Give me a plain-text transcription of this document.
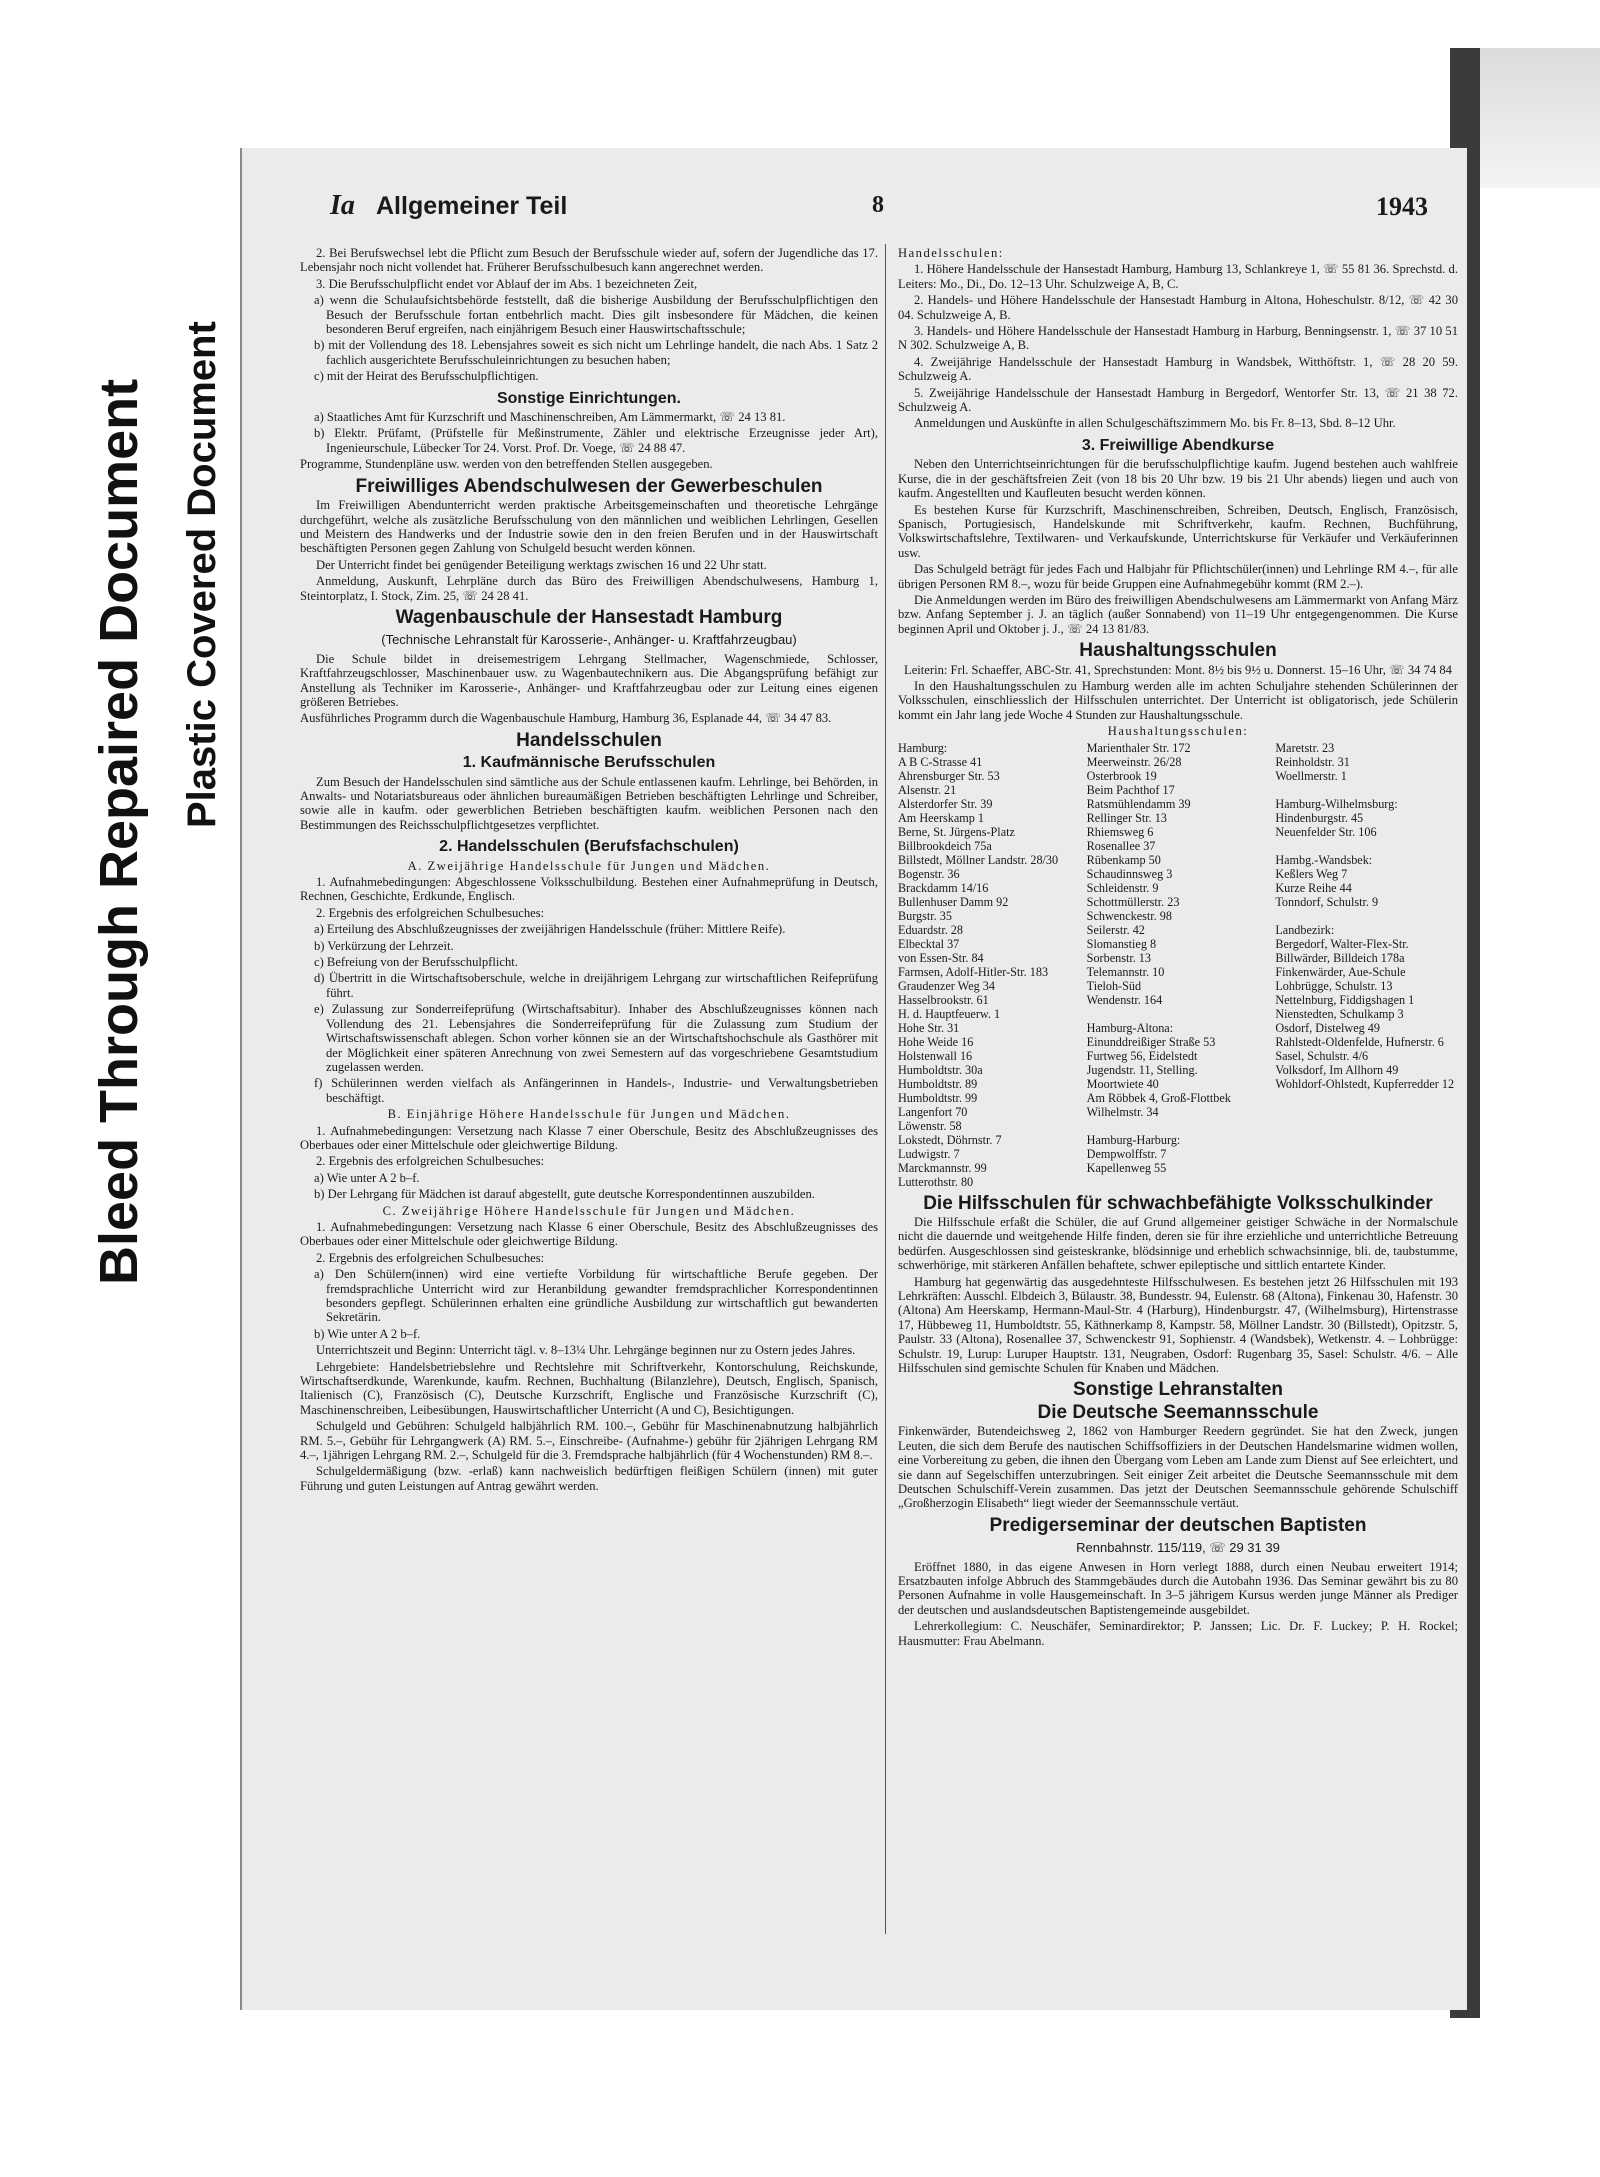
Bleed Through Repaired Document Plastic Covered Document
Ia Allgemeiner Teil	8	1943

2. Bei Berufswechsel lebt die Pflicht zum Besuch der Berufsschule wieder auf, sofern der Jugendliche das 17. Lebensjahr noch nicht vollendet hat. Früherer Berufsschulbesuch kann angerechnet werden.

3. Die Berufsschulpflicht endet vor Ablauf der im Abs. 1 bezeichneten Zeit,

a) wenn die Schulaufsichtsbehörde feststellt, daß die bisherige Ausbildung der Berufsschulpflichtigen den Besuch der Berufsschule fortan entbehrlich macht. Dies gilt insbesondere für Mädchen, die keinen besonderen Beruf ergreifen, nach einjährigem Besuch einer Hauswirtschaftsschule;

b) mit der Vollendung des 18. Lebensjahres soweit es sich nicht um Lehrlinge handelt, die nach Abs. 1 Satz 2 fachlich ausgerichtete Berufsschuleinrichtungen zu besuchen haben;

c) mit der Heirat des Berufsschulpflichtigen.

Sonstige Einrichtungen.

a) Staatliches Amt für Kurzschrift und Maschinenschreiben, Am Lämmermarkt, ☏ 24 13 81.

b) Elektr. Prüfamt, (Prüfstelle für Meßinstrumente, Zähler und elektrische Erzeugnisse jeder Art), Ingenieurschule, Lübecker Tor 24. Vorst. Prof. Dr. Voege, ☏ 24 88 47.

Programme, Stundenpläne usw. werden von den betreffenden Stellen ausgegeben.

Freiwilliges Abendschulwesen der Gewerbeschulen

Im Freiwilligen Abendunterricht werden praktische Arbeitsgemeinschaften und theoretische Lehrgänge durchgeführt, welche als zusätzliche Berufsschulung von den männlichen und weiblichen Lehrlingen, Gesellen und Meistern des Handwerks und der Industrie sowie den in den freien Berufen und in der Hauswirtschaft beschäftigten Personen gegen Zahlung von Schulgeld besucht werden können.

Der Unterricht findet bei genügender Beteiligung werktags zwischen 16 und 22 Uhr statt.

Anmeldung, Auskunft, Lehrpläne durch das Büro des Freiwilligen Abendschulwesens, Hamburg 1, Steintorplatz, I. Stock, Zim. 25, ☏ 24 28 41.

Wagenbauschule der Hansestadt Hamburg
(Technische Lehranstalt für Karosserie-, Anhänger- u. Kraftfahrzeugbau)

Die Schule bildet in dreisemestrigem Lehrgang Stellmacher, Wagenschmiede, Schlosser, Kraftfahrzeugschlosser, Maschinenbauer usw. zu Wagenbautechnikern aus. Die Abgangsprüfung befähigt zur Anstellung als Techniker im Karosserie-, Anhänger- und Kraftfahrzeugbau oder zur Leitung eines eigenen größeren Betriebes.

Ausführliches Programm durch die Wagenbauschule Hamburg, Hamburg 36, Esplanade 44, ☏ 34 47 83.

Handelsschulen
1. Kaufmännische Berufsschulen

Zum Besuch der Handelsschulen sind sämtliche aus der Schule entlassenen kaufm. Lehrlinge, bei Behörden, in Anwalts- und Notariatsbureaus oder ähnlichen bureaumäßigen Betrieben beschäftigten Lehrlinge und Schreiber, sowie alle in kaufm. oder gewerblichen Betrieben beschäftigten kaufm. weiblichen Personen nach den Bestimmungen des Reichsschulpflichtgesetzes verpflichtet.

2. Handelsschulen (Berufsfachschulen)

A. Zweijährige Handelsschule für Jungen und Mädchen.

1. Aufnahmebedingungen: Abgeschlossene Volksschulbildung. Bestehen einer Aufnahmeprüfung in Deutsch, Rechnen, Geschichte, Erdkunde, Englisch.

2. Ergebnis des erfolgreichen Schulbesuches:

a) Erteilung des Abschlußzeugnisses der zweijährigen Handelsschule (früher: Mittlere Reife).

b) Verkürzung der Lehrzeit.

c) Befreiung von der Berufsschulpflicht.

d) Übertritt in die Wirtschaftsoberschule, welche in dreijährigem Lehrgang zur wirtschaftlichen Reifeprüfung führt.

e) Zulassung zur Sonderreifeprüfung (Wirtschaftsabitur). Inhaber des Abschlußzeugnisses können nach Vollendung des 21. Lebensjahres die Sonderreifeprüfung für die Zulassung zum Studium der Wirtschaftswissenschaft ablegen. Schon vorher können sie an der Wirtschaftshochschule als Gasthörer mit der Möglichkeit einer späteren Anrechnung von zwei Semestern auf das vorgeschriebene Gesamtstudium zugelassen werden.

f) Schülerinnen werden vielfach als Anfängerinnen in Handels-, Industrie- und Verwaltungsbetrieben beschäftigt.

B. Einjährige Höhere Handelsschule für Jungen und Mädchen.

1. Aufnahmebedingungen: Versetzung nach Klasse 7 einer Oberschule, Besitz des Abschlußzeugnisses des Oberbaues oder einer Mittelschule oder gleichwertige Bildung.

2. Ergebnis des erfolgreichen Schulbesuches:

a) Wie unter A 2 b–f.

b) Der Lehrgang für Mädchen ist darauf abgestellt, gute deutsche Korrespondentinnen auszubilden.

C. Zweijährige Höhere Handelsschule für Jungen und Mädchen.

1. Aufnahmebedingungen: Versetzung nach Klasse 6 einer Oberschule, Besitz des Abschlußzeugnisses des Oberbaues oder einer Mittelschule oder gleichwertige Bildung.

2. Ergebnis des erfolgreichen Schulbesuches:

a) Den Schülern(innen) wird eine vertiefte Vorbildung für wirtschaftliche Berufe gegeben. Der fremdsprachliche Unterricht wird zur Heranbildung gewandter fremdsprachlicher Korrespondentinnen besonders gepflegt. Schülerinnen erhalten eine gründliche Ausbildung zur wirtschaftlich gut bewanderten Sekretärin.

b) Wie unter A 2 b–f.

Unterrichtszeit und Beginn: Unterricht tägl. v. 8–13¼ Uhr. Lehrgänge beginnen nur zu Ostern jedes Jahres.

Lehrgebiete: Handelsbetriebslehre und Rechtslehre mit Schriftverkehr, Kontorschulung, Reichskunde, Wirtschaftserdkunde, Warenkunde, kaufm. Rechnen, Buchhaltung (Bilanzlehre), Deutsch, Englisch, Spanisch, Italienisch (C), Französisch (C), Deutsche Kurzschrift, Englische und Französische Kurzschrift (C), Maschinenschreiben, Leibesübungen, Hauswirtschaftlicher Unterricht (A und C), Besichtigungen.

Schulgeld und Gebühren: Schulgeld halbjährlich RM. 100.–, Gebühr für Maschinenabnutzung halbjährlich RM. 5.–, Gebühr für Lehrgangwerk (A) RM. 5.–, Einschreibe- (Aufnahme-) gebühr für 2jährigen Lehrgang RM 4.–, 1jährigen Lehrgang RM. 2.–, Schulgeld für die 3. Fremdsprache halbjährlich (für 4 Wochenstunden) RM 8.–.

Schulgeldermäßigung (bzw. -erlaß) kann nachweislich bedürftigen fleißigen Schülern (innen) mit guter Führung und guten Leistungen auf Antrag gewährt werden.

Handelsschulen:

1. Höhere Handelsschule der Hansestadt Hamburg, Hamburg 13, Schlankreye 1, ☏ 55 81 36. Sprechstd. d. Leiters: Mo., Di., Do. 12–13 Uhr. Schulzweige A, B, C.

2. Handels- und Höhere Handelsschule der Hansestadt Hamburg in Altona, Hoheschulstr. 8/12, ☏ 42 30 04. Schulzweige A, B.

3. Handels- und Höhere Handelsschule der Hansestadt Hamburg in Harburg, Benningsenstr. 1, ☏ 37 10 51 N 302. Schulzweige A, B.

4. Zweijährige Handelsschule der Hansestadt Hamburg in Wandsbek, Witthöftstr. 1, ☏ 28 20 59. Schulzweig A.

5. Zweijährige Handelsschule der Hansestadt Hamburg in Bergedorf, Wentorfer Str. 13, ☏ 21 38 72. Schulzweig A.

Anmeldungen und Auskünfte in allen Schulgeschäftszimmern Mo. bis Fr. 8–13, Sbd. 8–12 Uhr.

3. Freiwillige Abendkurse

Neben den Unterrichtseinrichtungen für die berufsschulpflichtige kaufm. Jugend bestehen auch wahlfreie Kurse, die in der geschäftsfreien Zeit (von 18 bis 20 Uhr bzw. 19 bis 21 Uhr abends) liegen und auch von kaufm. Angestellten und Kaufleuten besucht werden können.

Es bestehen Kurse für Kurzschrift, Maschinenschreiben, Schreiben, Deutsch, Englisch, Französisch, Spanisch, Portugiesisch, Handelskunde mit Schriftverkehr, kaufm. Rechnen, Buchführung, Volkswirtschaftslehre, Textilwaren- und Verkaufskunde, Unterrichtskurse für Verkäufer und Verkäuferinnen usw.

Das Schulgeld beträgt für jedes Fach und Halbjahr für Pflichtschüler(innen) und Lehrlinge RM 4.–, für alle übrigen Personen RM 8.–, wozu für beide Gruppen eine Aufnahmegebühr kommt (RM 2.–).

Die Anmeldungen werden im Büro des freiwilligen Abendschulwesens am Lämmermarkt von Anfang März bzw. Anfang September j. J. an täglich (außer Sonnabend) von 11–19 Uhr entgegengenommen. Die Kurse beginnen April und Oktober j. J., ☏ 24 13 81/83.

Haushaltungsschulen

Leiterin: Frl. Schaeffer, ABC-Str. 41, Sprechstunden: Mont. 8½ bis 9½ u. Donnerst. 15–16 Uhr, ☏ 34 74 84

In den Haushaltungsschulen zu Hamburg werden alle im achten Schuljahre stehenden Schülerinnen der Volksschulen, einschliesslich der Hilfsschulen unterrichtet. Der Unterricht ist obligatorisch, jede Schülerin kommt ein Jahr lang jede Woche 4 Stunden zur Haushaltungsschule.

Haushaltungsschulen:

Hamburg:
A B C-Strasse 41
Ahrensburger Str. 53
Alsenstr. 21
Alsterdorfer Str. 39
Am Heerskamp 1
Berne, St. Jürgens-Platz
Billbrookdeich 75a
Billstedt, Möllner Landstr. 28/30
Bogenstr. 36
Brackdamm 14/16
Bullenhuser Damm 92
Burgstr. 35
Eduardstr. 28
Elbecktal 37
von Essen-Str. 84
Farmsen, Adolf-Hitler-Str. 183
Graudenzer Weg 34
Hasselbrookstr. 61
H. d. Hauptfeuerw. 1
Hohe Str. 31
Hohe Weide 16
Holstenwall 16
Humboldtstr. 30a
Humboldtstr. 89
Humboldtstr. 99
Langenfort 70
Löwenstr. 58
Lokstedt, Döhrnstr. 7
Ludwigstr. 7
Marckmannstr. 99
Lutterothstr. 80
Marienthaler Str. 172
Meerweinstr. 26/28
Osterbrook 19
Beim Pachthof 17
Ratsmühlendamm 39
Rellinger Str. 13
Rhiemsweg 6
Rosenallee 37
Rübenkamp 50
Schaudinnsweg 3
Schleidenstr. 9
Schottmüllerstr. 23
Schwenckestr. 98
Seilerstr. 42
Slomanstieg 8
Sorbenstr. 13
Telemannstr. 10
Tieloh-Süd
Wendenstr. 164

Hamburg-Altona:
Einunddreißiger Straße 53
Furtweg 56, Eidelstedt
Jugendstr. 11, Stelling.
Moortwiete 40
Am Röbbek 4, Groß-Flottbek
Wilhelmstr. 34

Hamburg-Harburg:
Dempwolffstr. 7
Kapellenweg 55
Maretstr. 23
Reinholdstr. 31
Woellmerstr. 1

Hamburg-Wilhelmsburg:
Hindenburgstr. 45
Neuenfelder Str. 106

Hambg.-Wandsbek:
Keßlers Weg 7
Kurze Reihe 44
Tonndorf, Schulstr. 9

Landbezirk:
Bergedorf, Walter-Flex-Str.
Billwärder, Billdeich 178a
Finkenwärder, Aue-Schule
Lohbrügge, Schulstr. 13
Nettelnburg, Fiddigshagen 1
Nienstedten, Schulkamp 3
Osdorf, Distelweg 49
Rahlstedt-Oldenfelde, Hufnerstr. 6
Sasel, Schulstr. 4/6
Volksdorf, Im Allhorn 49
Wohldorf-Ohlstedt, Kupferredder 12
Die Hilfsschulen für schwachbefähigte Volksschulkinder

Die Hilfsschule erfaßt die Schüler, die auf Grund allgemeiner geistiger Schwäche in der Normalschule nicht die dauernde und weitgehende Hilfe finden, deren sie für ihre erziehliche und unterrichtliche Betreuung bedürfen. Ausgeschlossen sind geisteskranke, blödsinnige und erheblich schwachsinnige, bli. de, taubstumme, schwerhörige, mit stärkeren Anfällen behaftete, schwer epileptische und sittlich entartete Kinder.

Hamburg hat gegenwärtig das ausgedehnteste Hilfsschulwesen. Es bestehen jetzt 26 Hilfsschulen mit 193 Lehrkräften: Ausschl. Elbdeich 3, Bülaustr. 38, Bundesstr. 94, Eulenstr. 68 (Altona), Finkenau 30, Hafenstr. 30 (Altona) Am Heerskamp, Hermann-Maul-Str. 4 (Harburg), Hindenburgstr. 47, (Wilhelmsburg), Hirtenstrasse 17, Hübbeweg 11, Humboldtstr. 55, Käthnerkamp 8, Kampstr. 58, Möllner Landstr. 30 (Billstedt), Opitzstr. 5, Paulstr. 33 (Altona), Rosenallee 37, Schwenckestr 91, Sophienstr. 4 (Wandsbek), Wetkenstr. 4. – Lohbrügge: Schulstr. 19, Lurup: Luruper Hauptstr. 131, Neugraben, Osdorf: Rugenbarg 35, Sasel: Schulstr. 4/6. – Alle Hilfsschulen sind gemischte Schulen für Knaben und Mädchen.

Sonstige Lehranstalten
Die Deutsche Seemannsschule

Finkenwärder, Butendeichsweg 2, 1862 von Hamburger Reedern gegründet. Sie hat den Zweck, jungen Leuten, die sich dem Berufe des nautischen Schiffsoffiziers in der Deutschen Handelsmarine widmen wollen, eine Vorbereitung zu geben, die ihnen den Übergang vom Leben am Lande zum Dienst auf See erleichtert, und sie dann auf Segelschiffen unterzubringen. Seit einiger Zeit arbeitet die Deutsche Seemannsschule mit dem Deutschen Schulschiff-Verein zusammen. Das jetzt der Deutschen Seemannsschule gehörende Schulschiff „Großherzogin Elisabeth“ liegt wieder der Seemannsschule vertäut.

Predigerseminar der deutschen Baptisten
Rennbahnstr. 115/119, ☏ 29 31 39

Eröffnet 1880, in das eigene Anwesen in Horn verlegt 1888, durch einen Neubau erweitert 1914; Ersatzbauten infolge Abbruch des Stammgebäudes durch die Autobahn 1936. Das Seminar gewährt bis zu 80 Personen Aufnahme in volle Hausgemeinschaft. In 3–5 jährigem Kursus werden junge Männer als Prediger der deutschen und auslandsdeutschen Baptistengemeinde ausgebildet.

Lehrerkollegium: C. Neuschäfer, Seminardirektor; P. Janssen; Lic. Dr. F. Luckey; P. H. Rockel; Hausmutter: Frau Abelmann.
